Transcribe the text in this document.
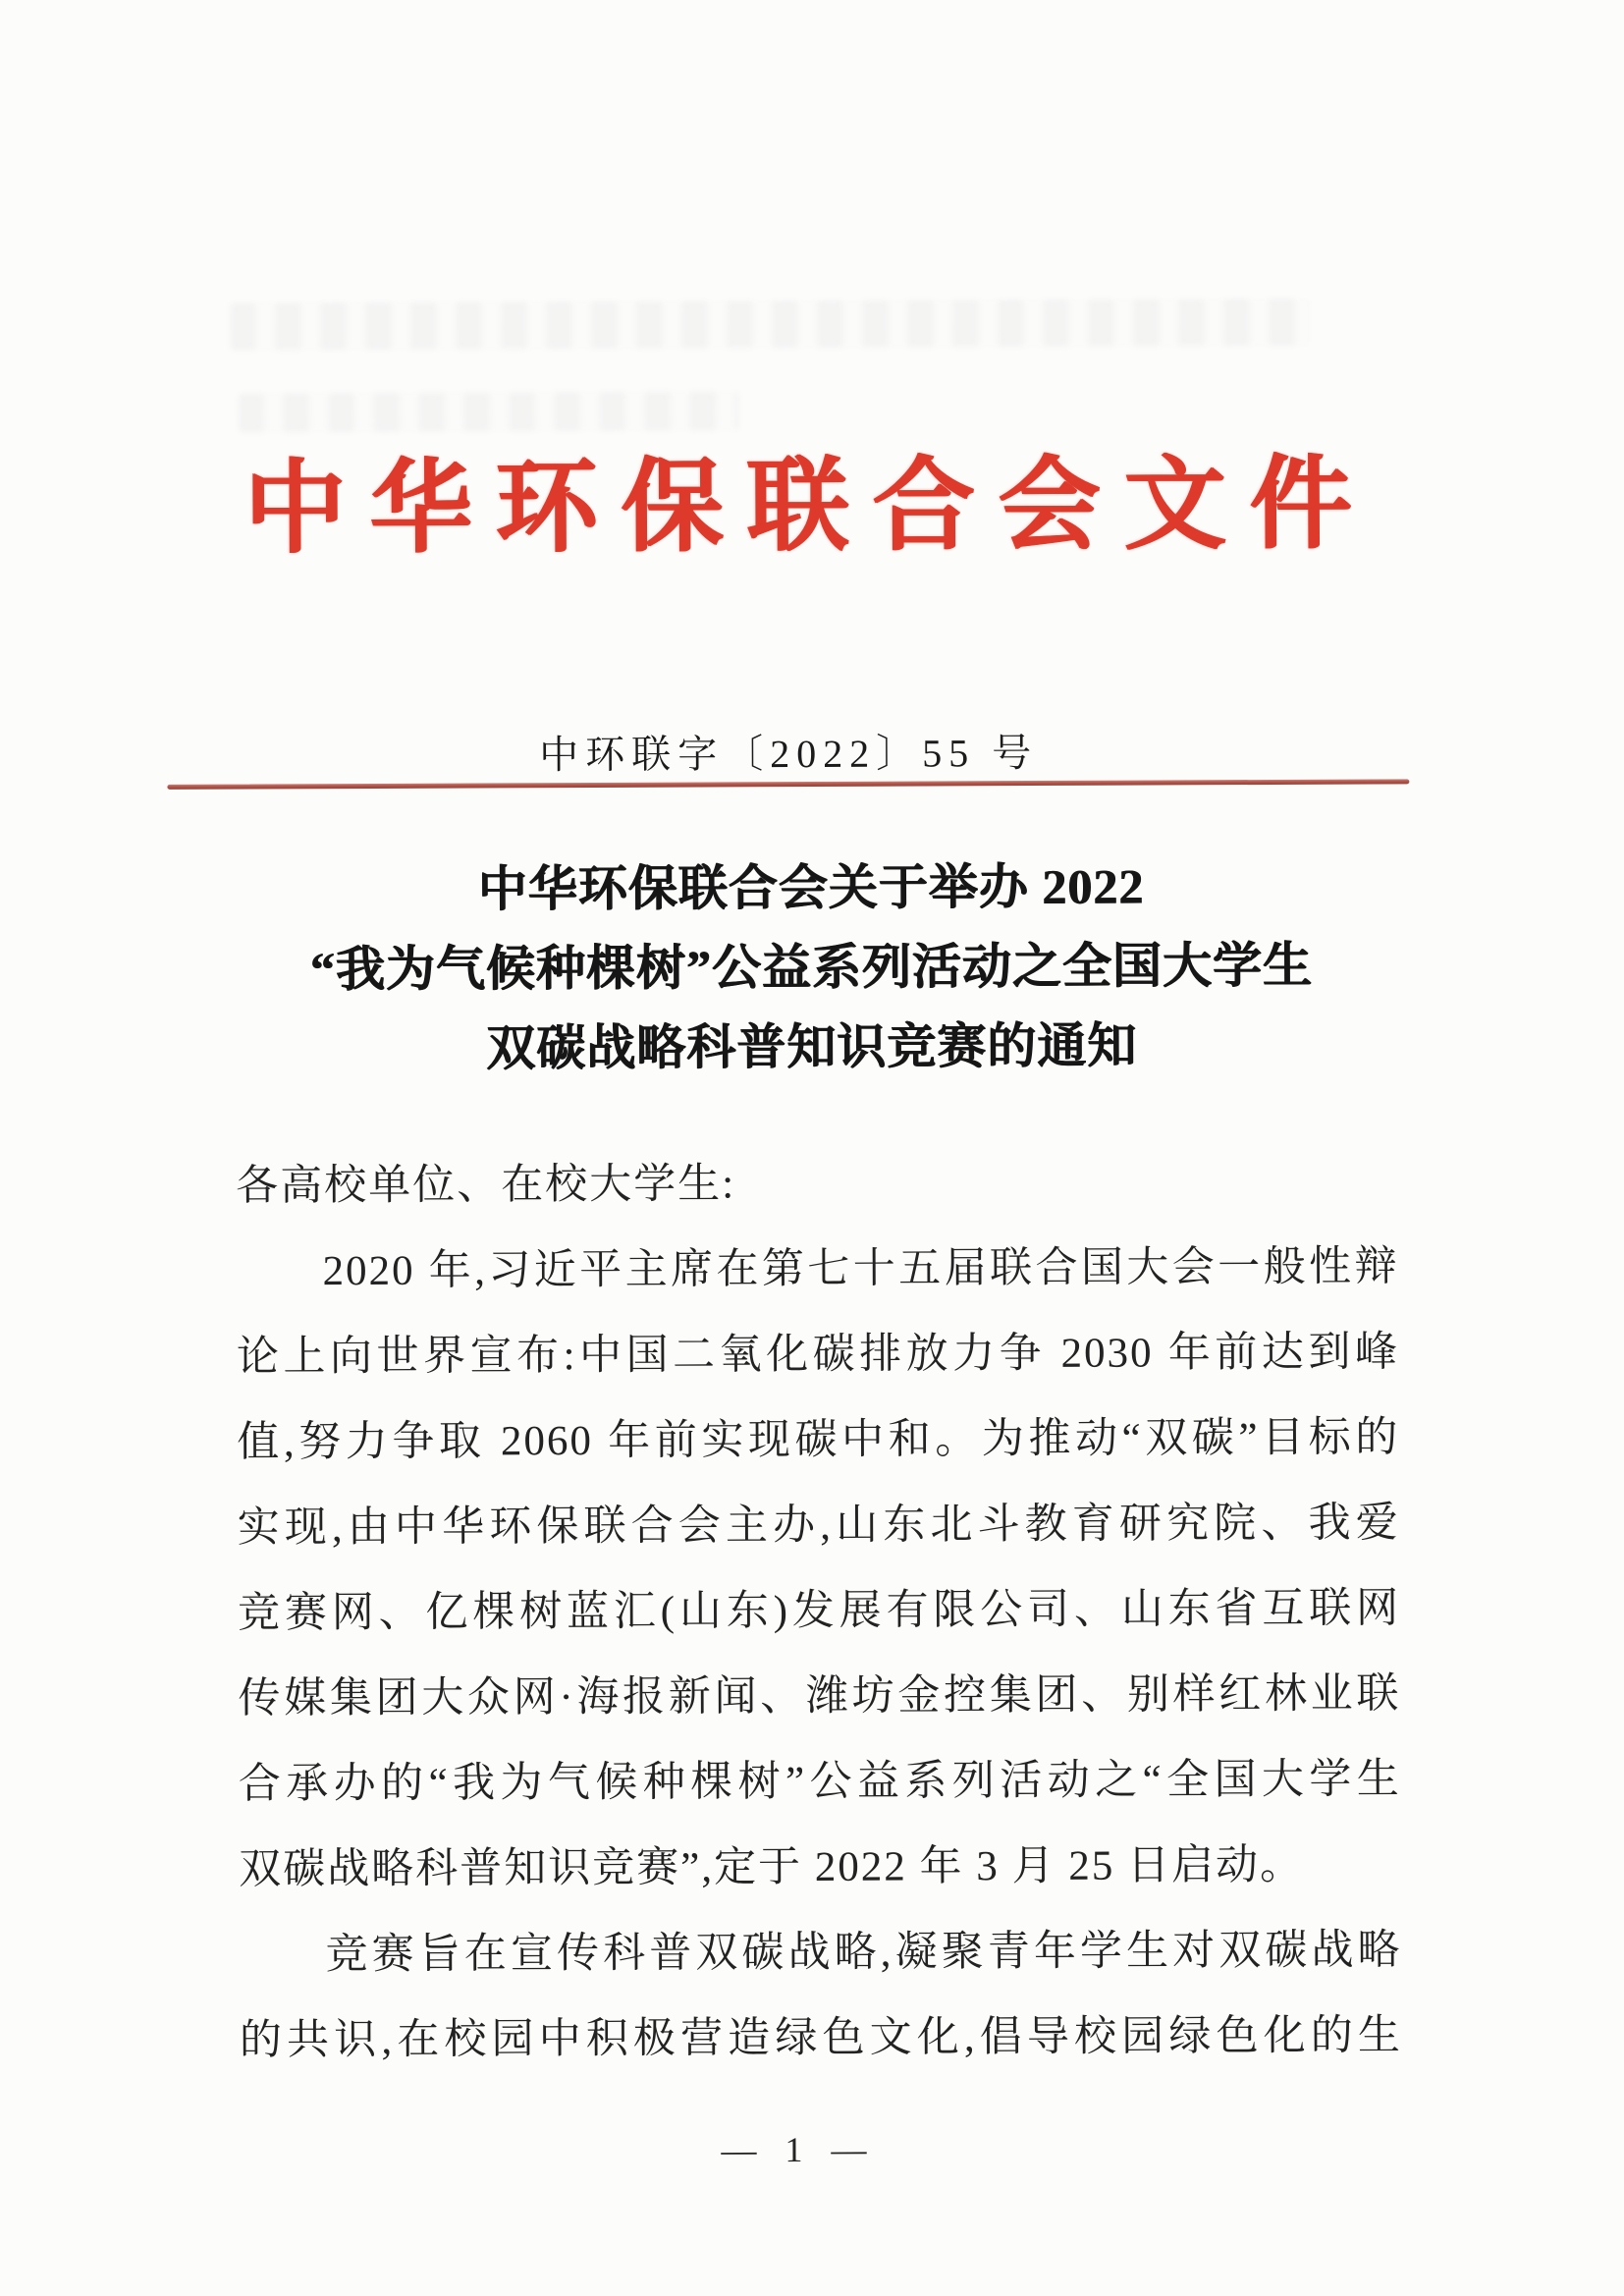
中华环保联合会文件
中环联字〔2022〕55 号
中华环保联合会关于举办 2022
“我为气候种棵树”公益系列活动之全国大学生
双碳战略科普知识竞赛的通知
各高校单位、在校大学生:
2020 年,习近平主席在第七十五届联合国大会一般性辩
论上向世界宣布:中国二氧化碳排放力争 2030 年前达到峰
值,努力争取 2060 年前实现碳中和。为推动“双碳”目标的
实现,由中华环保联合会主办,山东北斗教育研究院、我爱
竞赛网、亿棵树蓝汇(山东)发展有限公司、山东省互联网
传媒集团大众网·海报新闻、潍坊金控集团、别样红林业联
合承办的“我为气候种棵树”公益系列活动之“全国大学生
双碳战略科普知识竞赛”,定于 2022 年 3 月 25 日启动。
竞赛旨在宣传科普双碳战略,凝聚青年学生对双碳战略
的共识,在校园中积极营造绿色文化,倡导校园绿色化的生
— 1 —
